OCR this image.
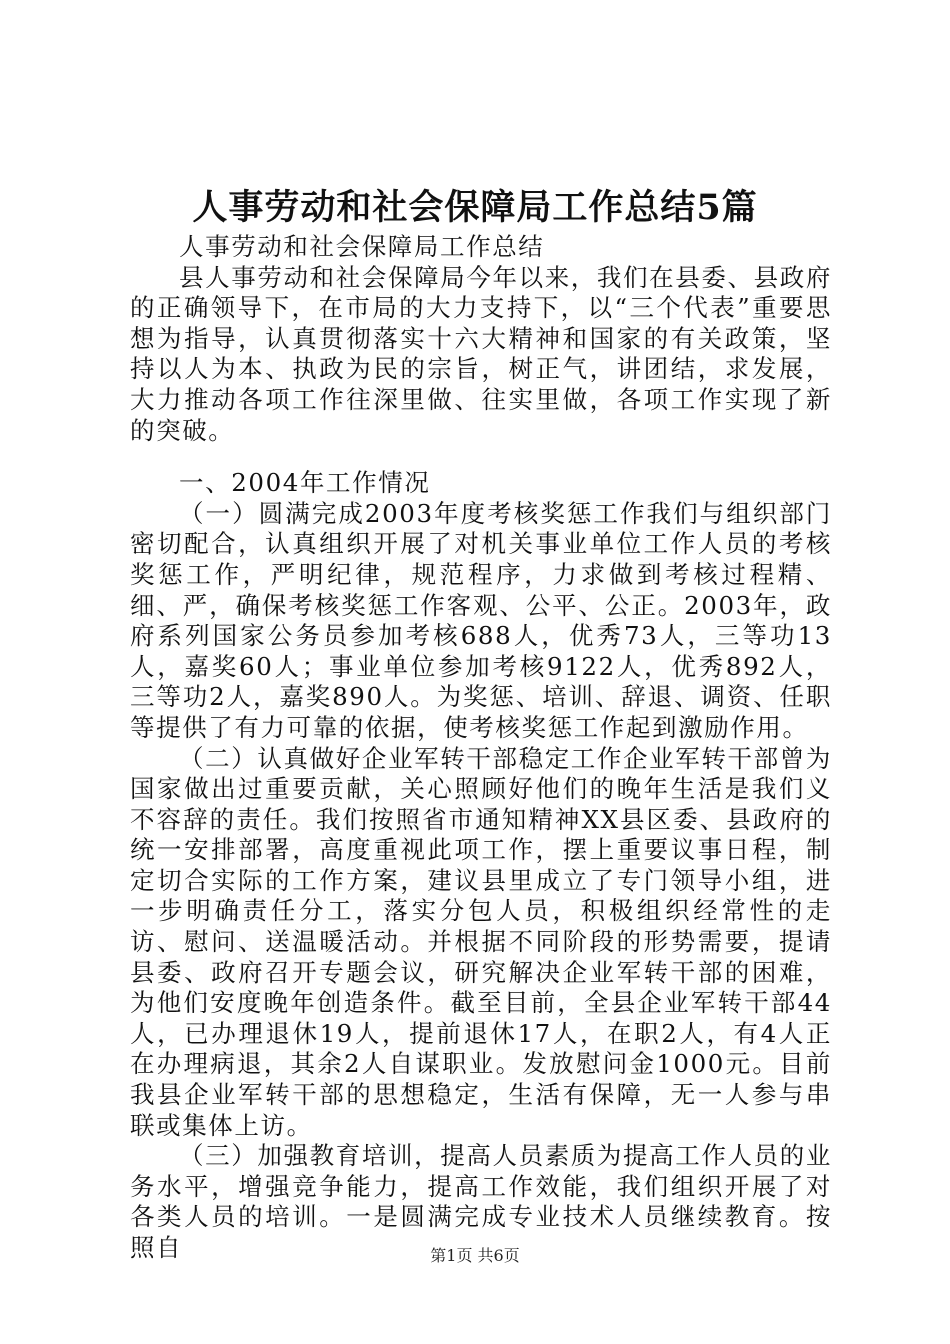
人事劳动和社会保障局工作总结5篇

人事劳动和社会保障局工作总结

县人事劳动和社会保障局今年以来，我们在县委、县政府的正确领导下，在市局的大力支持下，以“三个代表”重要思想为指导，认真贯彻落实十六大精神和国家的有关政策，坚持以人为本、执政为民的宗旨，树正气，讲团结，求发展，大力推动各项工作往深里做、往实里做，各项工作实现了新的突破。

一、2004年工作情况

（一）圆满完成2003年度考核奖惩工作我们与组织部门密切配合，认真组织开展了对机关事业单位工作人员的考核奖惩工作，严明纪律，规范程序，力求做到考核过程精、细、严，确保考核奖惩工作客观、公平、公正。2003年，政府系列国家公务员参加考核688人，优秀73人，三等功13人，嘉奖60人；事业单位参加考核9122人，优秀892人，三等功2人，嘉奖890人。为奖惩、培训、辞退、调资、任职等提供了有力可靠的依据，使考核奖惩工作起到激励作用。

（二）认真做好企业军转干部稳定工作企业军转干部曾为国家做出过重要贡献，关心照顾好他们的晚年生活是我们义不容辞的责任。我们按照省市通知精神XX县区委、县政府的统一安排部署，高度重视此项工作，摆上重要议事日程，制定切合实际的工作方案，建议县里成立了专门领导小组，进一步明确责任分工，落实分包人员，积极组织经常性的走访、慰问、送温暖活动。并根据不同阶段的形势需要，提请县委、政府召开专题会议，研究解决企业军转干部的困难，为他们安度晚年创造条件。截至目前，全县企业军转干部44人，已办理退休19人，提前退休17人，在职2人，有4人正在办理病退，其余2人自谋职业。发放慰问金1000元。目前我县企业军转干部的思想稳定，生活有保障，无一人参与串联或集体上访。

（三）加强教育培训，提高人员素质为提高工作人员的业务水平，增强竞争能力，提高工作效能，我们组织开展了对各类人员的培训。一是圆满完成专业技术人员继续教育。按照自	第1页 共6页
